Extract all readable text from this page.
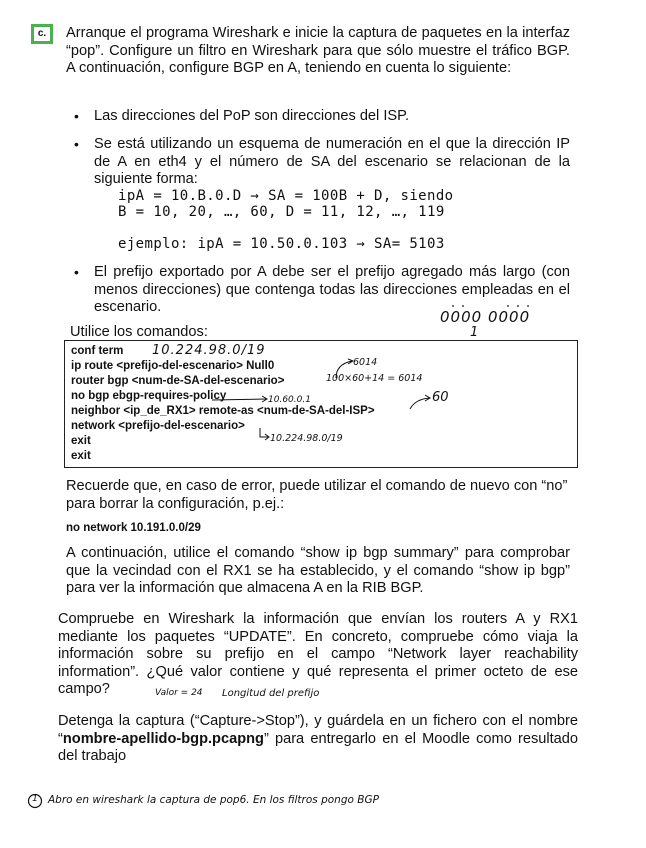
c.	Arranque el programa Wireshark e inicie la captura de paquetes en la interfaz “pop”. Configure un filtro en Wireshark para que sólo muestre el tráfico BGP. A continuación, configure BGP en A, teniendo en cuenta lo siguiente:
• Las direcciones del PoP son direcciones del ISP.
• Se está utilizando un esquema de numeración en el que la dirección IP de A en eth4 y el número de SA del escenario se relacionan de la siguiente forma:
ipA = 10.B.0.D → SA = 100B + D, siendo
B = 10, 20, …, 60, D = 11, 12, …, 119
ejemplo: ipA = 10.50.0.103 → SA= 5103
• El prefijo exportado por A debe ser el prefijo agregado más largo (con menos direcciones) que contenga todas las direcciones empleadas en el escenario.
0000 0000
1
Utilice los comandos:
conf term
ip route <prefijo-del-escenario> Null0
router bgp <num-de-SA-del-escenario>
no bgp ebgp-requires-policy
neighbor <ip_de_RX1> remote-as <num-de-SA-del-ISP>
network <prefijo-del-escenario>
exit
exit
10.224.98.0/19
6014
100×60+14 = 6014
10.60.0.1	60
10.224.98.0/19
Recuerde que, en caso de error, puede utilizar el comando de nuevo con “no” para borrar la configuración, p.ej.:
no network 10.191.0.0/29
A continuación, utilice el comando “show ip bgp summary” para comprobar que la vecindad con el RX1 se ha establecido, y el comando “show ip bgp” para ver la información que almacena A en la RIB BGP.
Compruebe en Wireshark la información que envían los routers A y RX1 mediante los paquetes “UPDATE”. En concreto, compruebe cómo viaja la información sobre su prefijo en el campo “Network layer reachability information”. ¿Qué valor contiene y qué representa el primer octeto de ese campo?	Valor = 24 Longitud del prefijo
Detenga la captura (“Capture->Stop”), y guárdela en un fichero con el nombre “nombre-apellido-bgp.pcapng” para entregarlo en el Moodle como resultado del trabajo
1 Abro en wireshark la captura de pop6. En los filtros pongo BGP
